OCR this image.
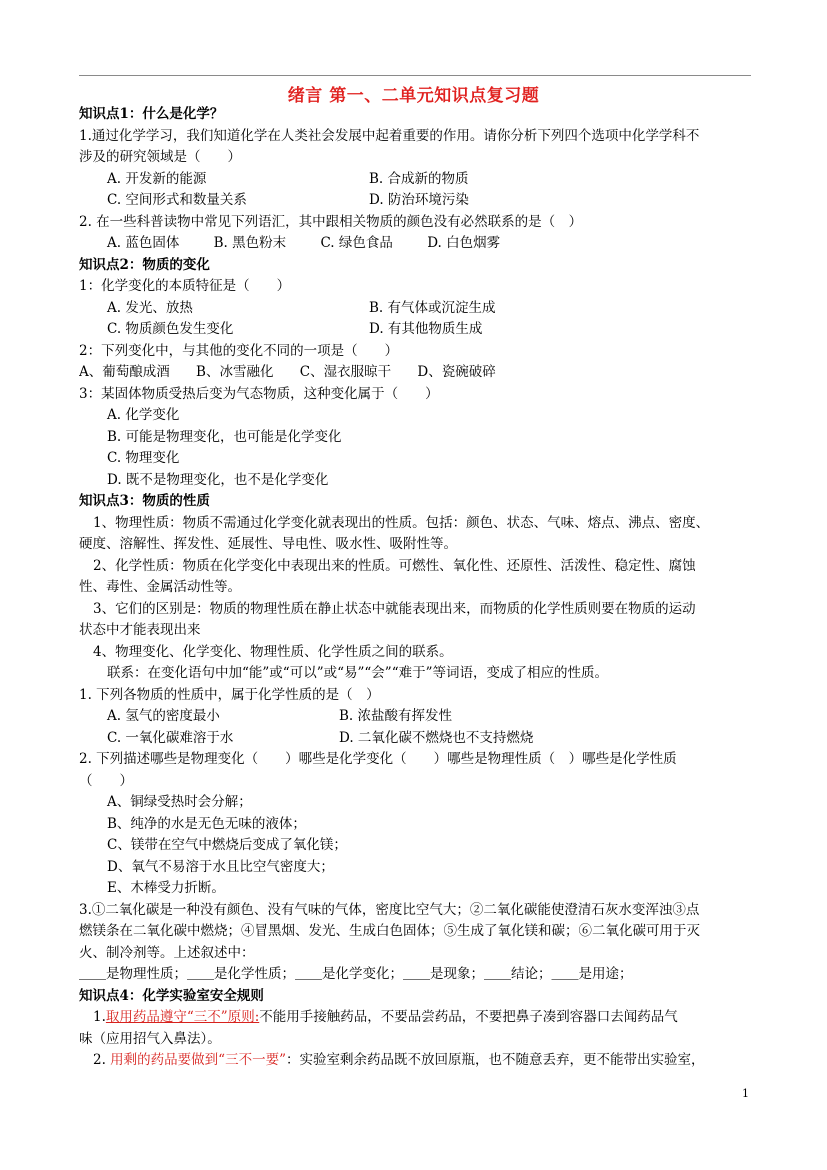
绪言 第一、二单元知识点复习题
知识点1：什么是化学？
1.通过化学学习，我们知道化学在人类社会发展中起着重要的作用。请你分析下列四个选项中化学学科不
涉及的研究领域是（　　）
A. 开发新的能源	B. 合成新的物质
C. 空间形式和数量关系	D. 防治环境污染
2. 在一些科普读物中常见下列语汇，其中跟相关物质的颜色没有必然联系的是（　）
A. 蓝色固体	B. 黑色粉末	C. 绿色食品	D. 白色烟雾
知识点2：物质的变化
1：化学变化的本质特征是（　　）
A. 发光、放热	B. 有气体或沉淀生成
C. 物质颜色发生变化	D. 有其他物质生成
2：下列变化中，与其他的变化不同的一项是（　　）
A、葡萄酿成酒 B、冰雪融化 C、湿衣服晾干 D、瓷碗破碎
3：某固体物质受热后变为气态物质，这种变化属于（　　）
A. 化学变化
B. 可能是物理变化，也可能是化学变化
C. 物理变化
D. 既不是物理变化，也不是化学变化
知识点3：物质的性质
1、物理性质：物质不需通过化学变化就表现出的性质。包括：颜色、状态、气味、熔点、沸点、密度、
硬度、溶解性、挥发性、延展性、导电性、吸水性、吸附性等。
2、化学性质：物质在化学变化中表现出来的性质。可燃性、氧化性、还原性、活泼性、稳定性、腐蚀
性、毒性、金属活动性等。
3、它们的区别是：物质的物理性质在静止状态中就能表现出来，而物质的化学性质则要在物质的运动
状态中才能表现出来
4、物理变化、化学变化、物理性质、化学性质之间的联系。
联系：在变化语句中加“能”或“可以”或“易”“会”“难于”等词语，变成了相应的性质。
1. 下列各物质的性质中，属于化学性质的是（　）
A. 氢气的密度最小	B. 浓盐酸有挥发性
C. 一氧化碳难溶于水	D. 二氧化碳不燃烧也不支持燃烧
2. 下列描述哪些是物理变化（　　）哪些是化学变化（　　）哪些是物理性质（　）哪些是化学性质
（　　）
A、铜绿受热时会分解；
B、纯净的水是无色无味的液体；
C、镁带在空气中燃烧后变成了氧化镁；
D、氧气不易溶于水且比空气密度大；
E、木棒受力折断。
3.①二氧化碳是一种没有颜色、没有气味的气体，密度比空气大；②二氧化碳能使澄清石灰水变浑浊③点
燃镁条在二氧化碳中燃烧；④冒黑烟、发光、生成白色固体；⑤生成了氧化镁和碳；⑥二氧化碳可用于灭
火、制冷剂等。上述叙述中：
＿＿是物理性质；＿＿是化学性质；＿＿是化学变化；＿＿是现象；＿＿结论；＿＿是用途；
知识点4：化学实验室安全规则
1.取用药品遵守“三不”原则:不能用手接触药品，不要品尝药品，不要把鼻子凑到容器口去闻药品气
味（应用招气入鼻法）。
2. 用剩的药品要做到“三不一要”：实验室剩余药品既不放回原瓶，也不随意丢弃，更不能带出实验室，
1
